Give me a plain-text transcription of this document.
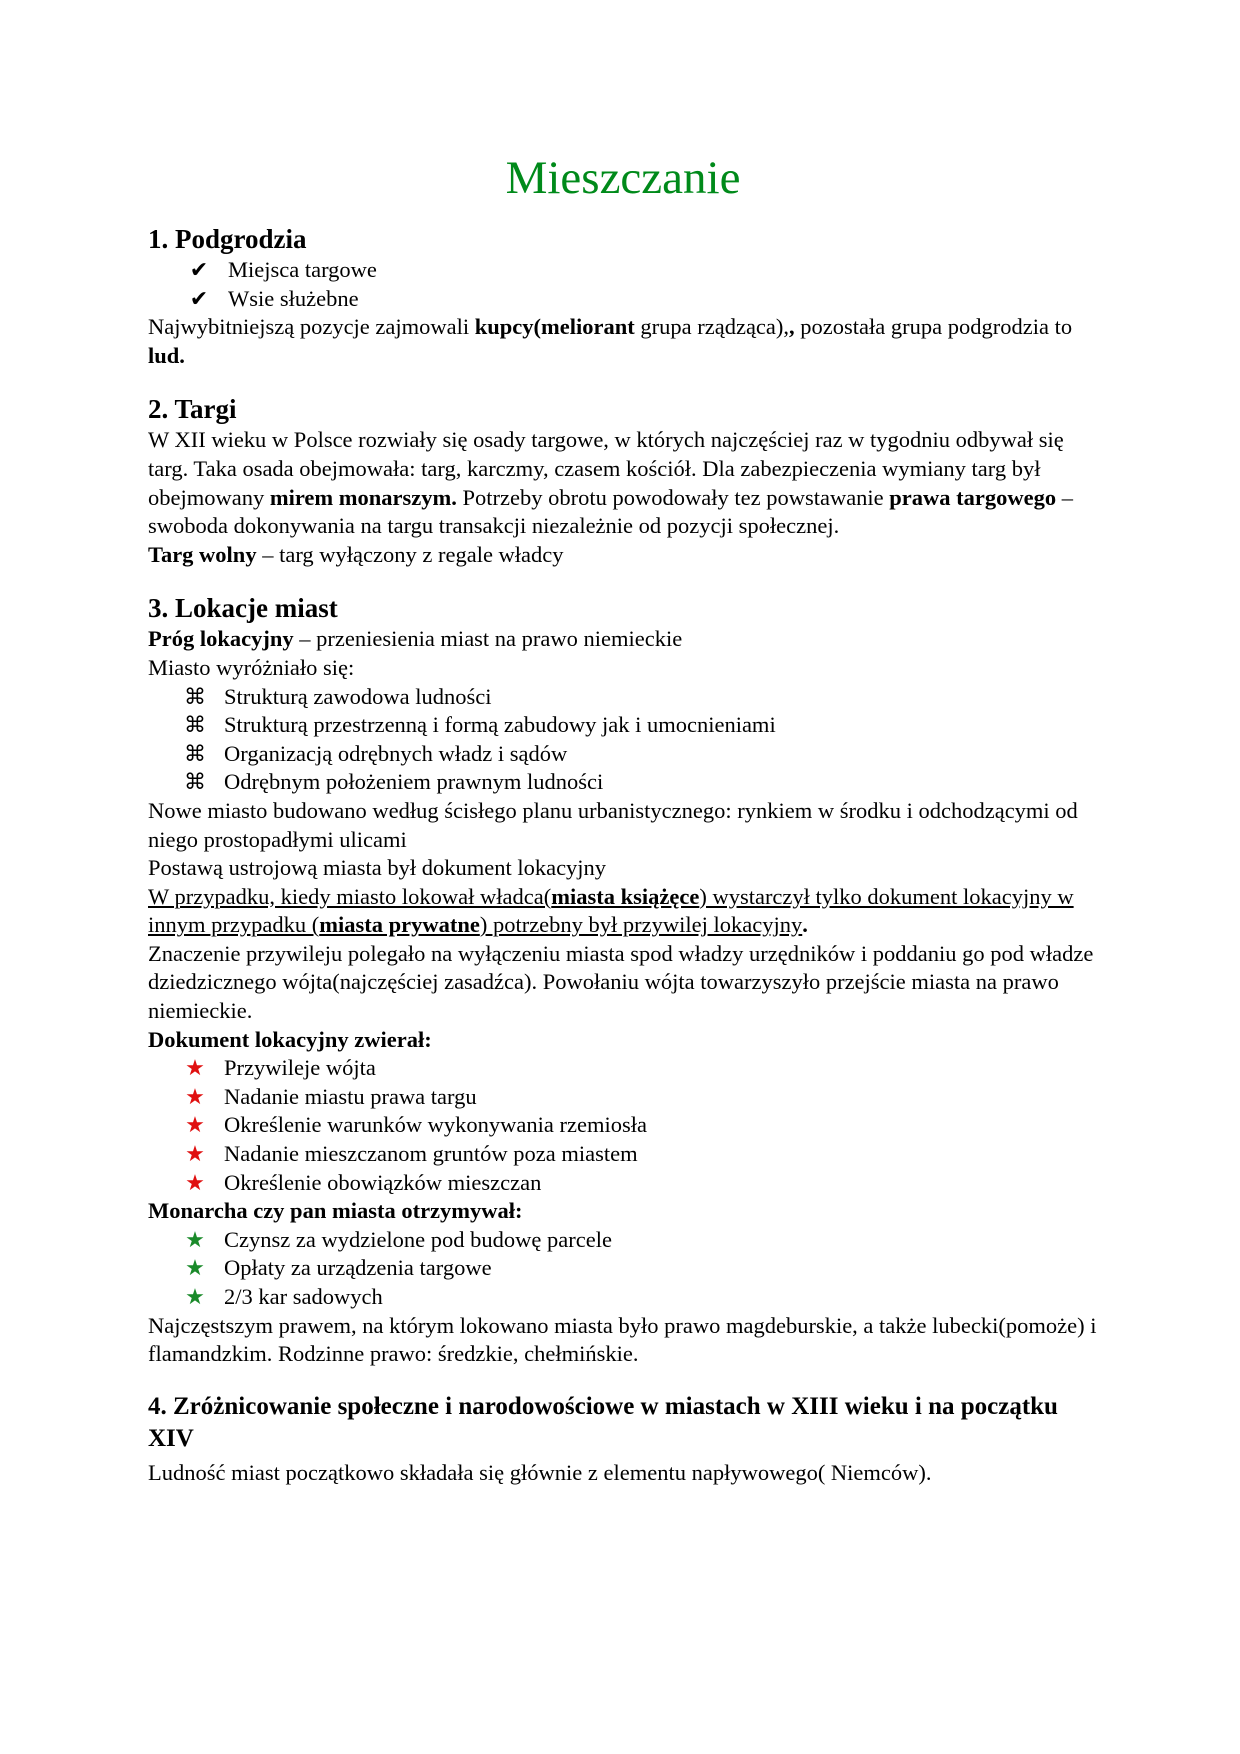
Mieszczanie
1. Podgrodzia
✔ Miejsca targowe
✔ Wsie służebne

Najwybitniejszą pozycje zajmowali kupcy(meliorant grupa rządząca),, pozostała grupa podgrodzia to lud.

2. Targi

W XII wieku w Polsce rozwiały się osady targowe, w których najczęściej raz w tygodniu odbywał się targ. Taka osada obejmowała: targ, karczmy, czasem kościół. Dla zabezpieczenia wymiany targ był obejmowany mirem monarszym. Potrzeby obrotu powodowały tez powstawanie prawa targowego – swoboda dokonywania na targu transakcji niezależnie od pozycji społecznej.

Targ wolny – targ wyłączony z regale władcy

3. Lokacje miast

Próg lokacyjny – przeniesienia miast na prawo niemieckie

Miasto wyróżniało się:

⌘ Strukturą zawodowa ludności
⌘ Strukturą przestrzenną i formą zabudowy jak i umocnieniami
⌘ Organizacją odrębnych władz i sądów
⌘ Odrębnym położeniem prawnym ludności

Nowe miasto budowano według ścisłego planu urbanistycznego: rynkiem w środku i odchodzącymi od niego prostopadłymi ulicami

Postawą ustrojową miasta był dokument lokacyjny

W przypadku, kiedy miasto lokował władca(miasta książęce) wystarczył tylko dokument lokacyjny w innym przypadku (miasta prywatne) potrzebny był przywilej lokacyjny.

Znaczenie przywileju polegało na wyłączeniu miasta spod władzy urzędników i poddaniu go pod władze dziedzicznego wójta(najczęściej zasadźca). Powołaniu wójta towarzyszyło przejście miasta na prawo niemieckie.

Dokument lokacyjny zwierał:

★ Przywileje wójta
★ Nadanie miastu prawa targu
★ Określenie warunków wykonywania rzemiosła
★ Nadanie mieszczanom gruntów poza miastem
★ Określenie obowiązków mieszczan

Monarcha czy pan miasta otrzymywał:

★ Czynsz za wydzielone pod budowę parcele
★ Opłaty za urządzenia targowe
★ 2/3 kar sadowych

Najczęstszym prawem, na którym lokowano miasta było prawo magdeburskie, a także lubecki(pomoże) i flamandzkim. Rodzinne prawo: średzkie, chełmińskie.

4. Zróżnicowanie społeczne i narodowościowe w miastach w XIII wieku i na początku XIV

Ludność miast początkowo składała się głównie z elementu napływowego( Niemców).
